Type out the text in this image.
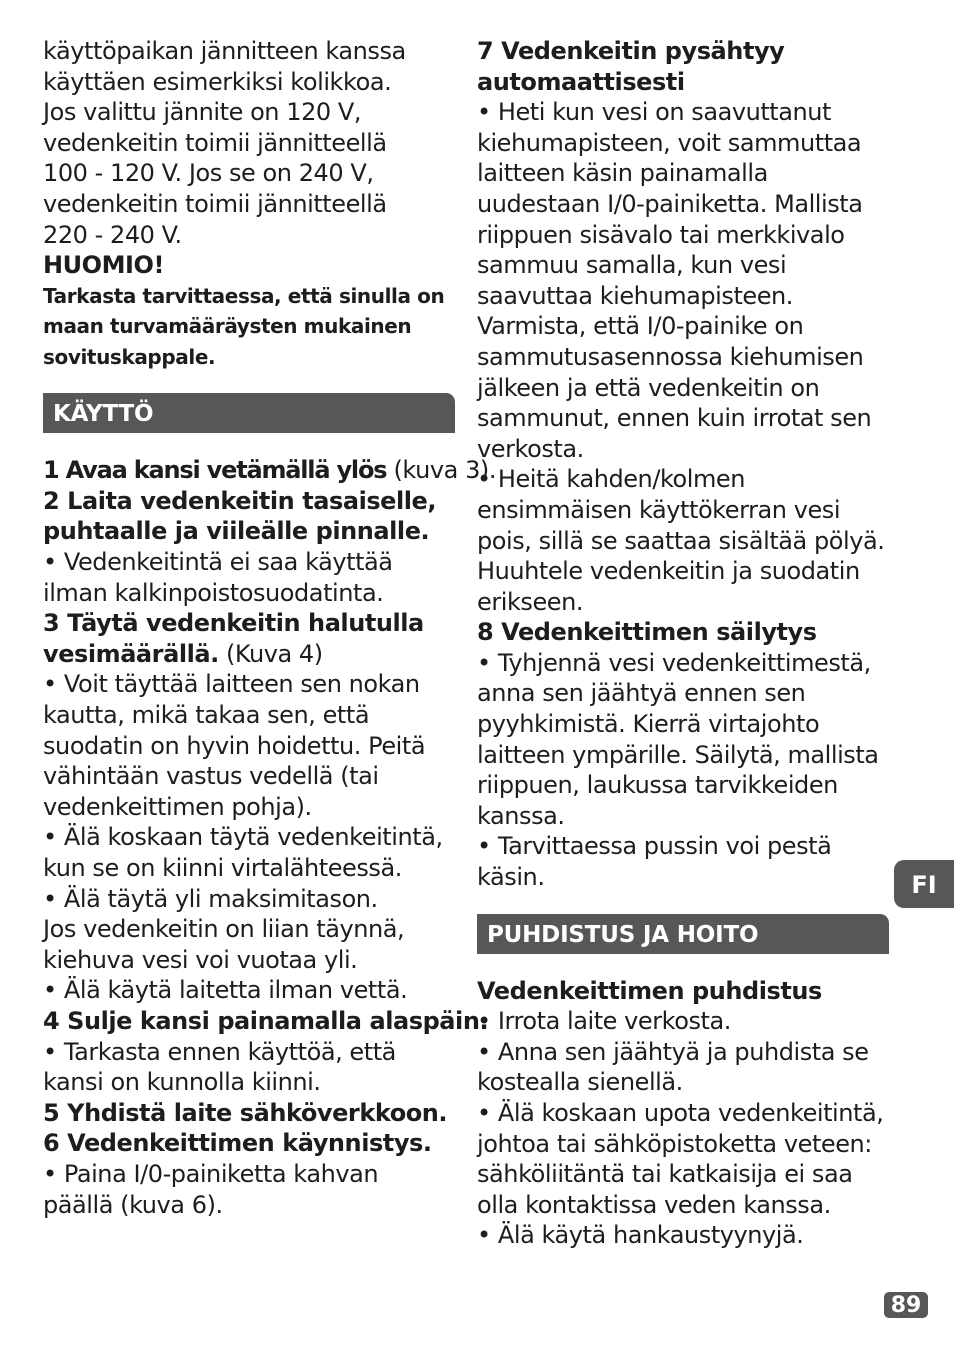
käyttöpaikan jännitteen kanssa

käyttäen esimerkiksi kolikkoa.

Jos valittu jännite on 120 V,

vedenkeitin toimii jännitteellä

100 - 120 V. Jos se on 240 V,

vedenkeitin toimii jännitteellä

220 - 240 V.

HUOMIO!

Tarkasta tarvittaessa, että sinulla on

maan turvamääräysten mukainen

sovituskappale.

KÄYTTÖ

1 Avaa kansi vetämällä ylös (kuva 3).

2 Laita vedenkeitin tasaiselle,

puhtaalle ja viileälle pinnalle.

• Vedenkeitintä ei saa käyttää

ilman kalkinpoistosuodatinta.

3 Täytä vedenkeitin halutulla

vesimäärällä. (Kuva 4)

• Voit täyttää laitteen sen nokan

kautta, mikä takaa sen, että

suodatin on hyvin hoidettu. Peitä

vähintään vastus vedellä (tai

vedenkeittimen pohja).

• Älä koskaan täytä vedenkeitintä,

kun se on kiinni virtalähteessä.

• Älä täytä yli maksimitason.

Jos vedenkeitin on liian täynnä,

kiehuva vesi voi vuotaa yli.

• Älä käytä laitetta ilman vettä.

4 Sulje kansi painamalla alaspäin.

• Tarkasta ennen käyttöä, että

kansi on kunnolla kiinni.

5 Yhdistä laite sähköverkkoon.

6 Vedenkeittimen käynnistys.

• Paina I/0-painiketta kahvan

päällä (kuva 6).

7 Vedenkeitin pysähtyy

automaattisesti

• Heti kun vesi on saavuttanut

kiehumapisteen, voit sammuttaa

laitteen käsin painamalla

uudestaan I/0-painiketta. Mallista

riippuen sisävalo tai merkkivalo

sammuu samalla, kun vesi

saavuttaa kiehumapisteen.

Varmista, että I/0-painike on

sammutusasennossa kiehumisen

jälkeen ja että vedenkeitin on

sammunut, ennen kuin irrotat sen

verkosta.

• Heitä kahden/kolmen

ensimmäisen käyttökerran vesi

pois, sillä se saattaa sisältää pölyä.

Huuhtele vedenkeitin ja suodatin

erikseen.

8 Vedenkeittimen säilytys

• Tyhjennä vesi vedenkeittimestä,

anna sen jäähtyä ennen sen

pyyhkimistä. Kierrä virtajohto

laitteen ympärille. Säilytä, mallista

riippuen, laukussa tarvikkeiden

kanssa.

• Tarvittaessa pussin voi pestä

käsin.

PUHDISTUS JA HOITO

Vedenkeittimen puhdistus

• Irrota laite verkosta.

• Anna sen jäähtyä ja puhdista se

kostealla sienellä.

• Älä koskaan upota vedenkeitintä,

johtoa tai sähköpistoketta veteen:

sähköliitäntä tai katkaisija ei saa

olla kontaktissa veden kanssa.

• Älä käytä hankaustyynyjä.

FI
89
